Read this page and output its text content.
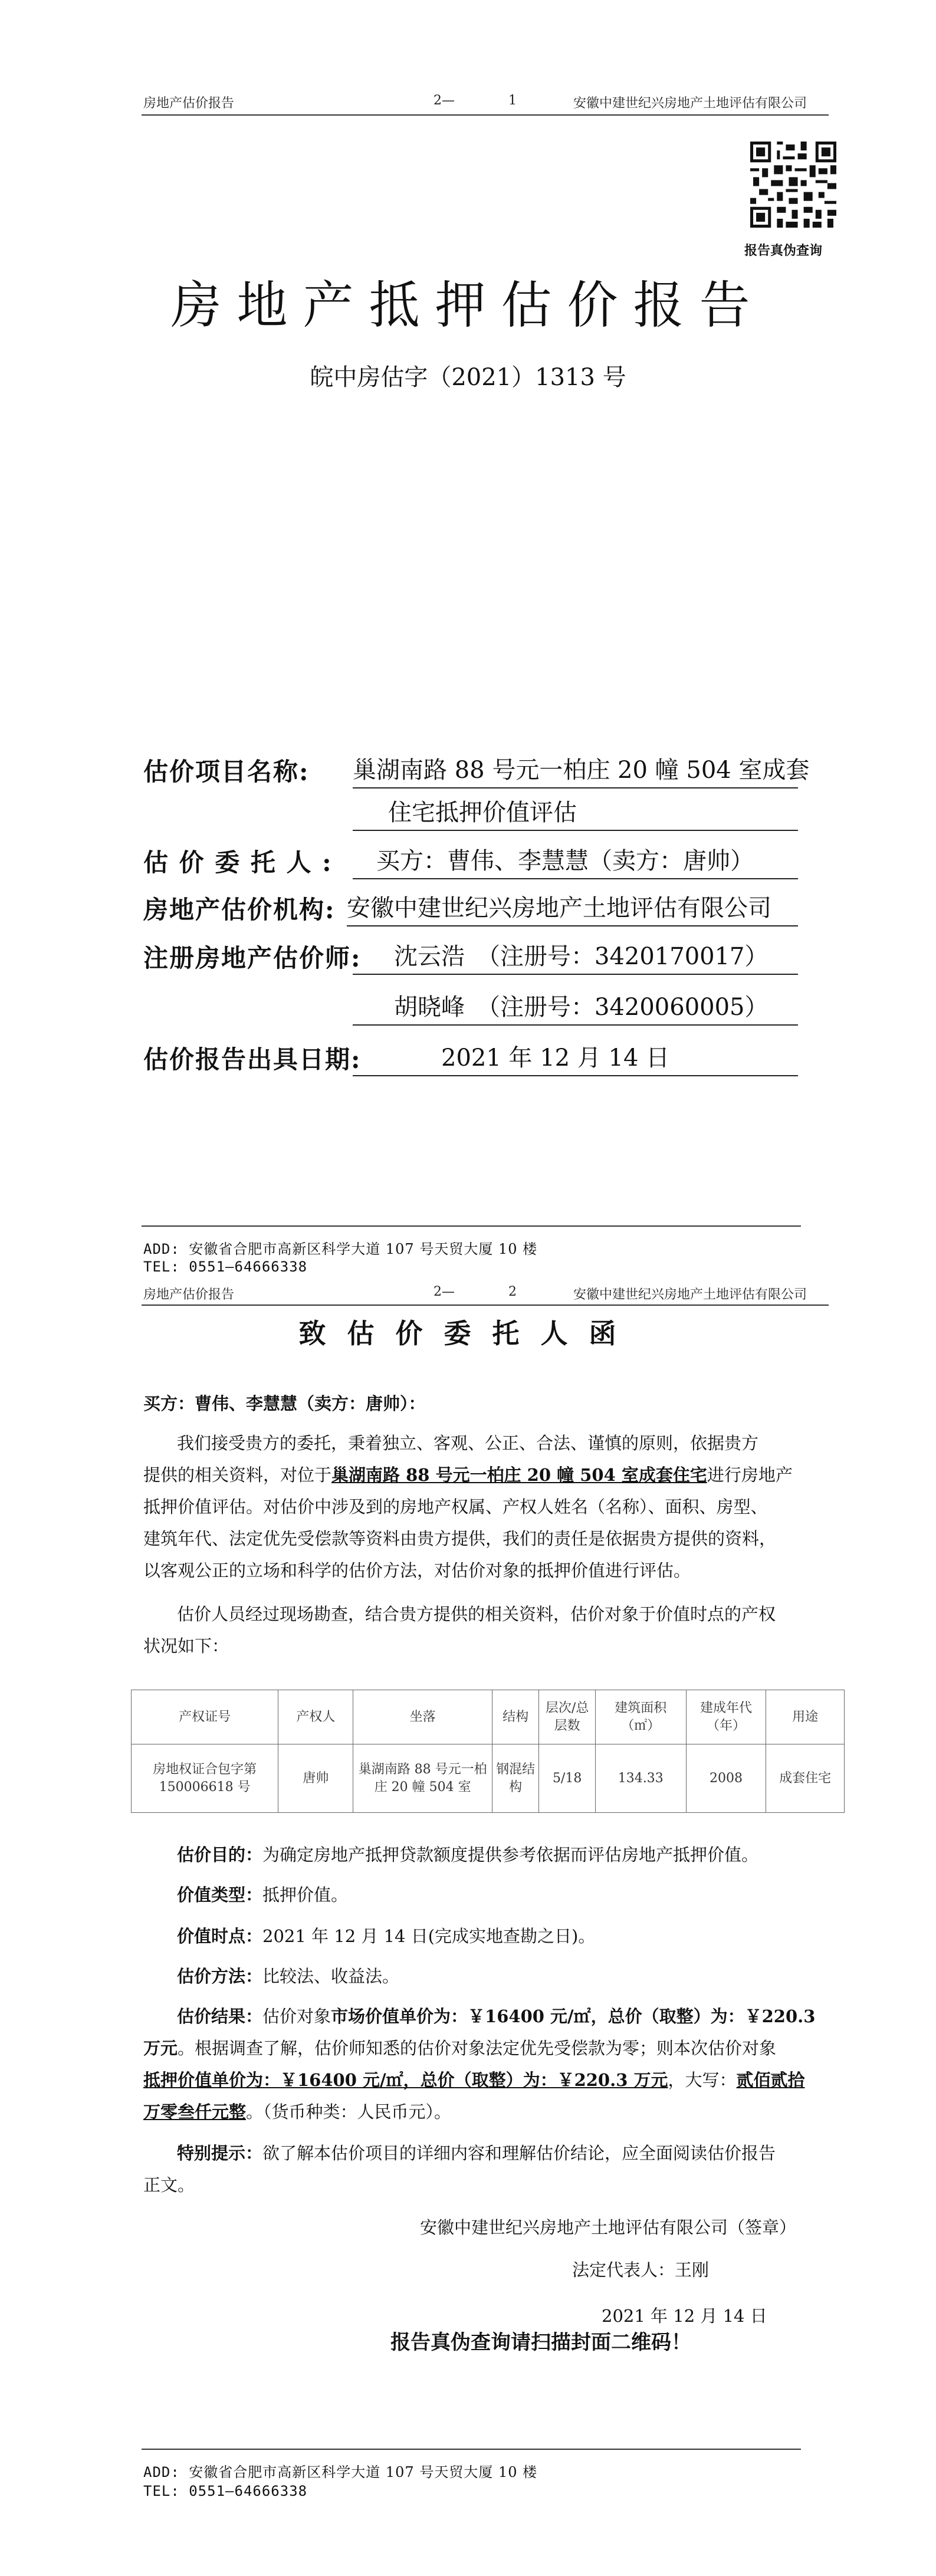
房地产估价报告	2—	1	安徽中建世纪兴房地产土地评估有限公司
报告真伪查询
房地产抵押估价报告
皖中房估字（2021）1313 号
估价项目名称: 巢湖南路 88 号元一柏庄 20 幢 504 室成套
住宅抵押价值评估
估 价 委 托 人 :	买方：曹伟、李慧慧（卖方：唐帅）
房地产估价机构: 安徽中建世纪兴房地产土地评估有限公司
注册房地产估价师:	沈云浩　（注册号：3420170017）
胡晓峰　（注册号：3420060005）
估价报告出具日期:	2021 年 12 月 14 日
ADD: 安徽省合肥市高新区科学大道 107 号天贸大厦 10 楼
TEL: 0551—64666338
房地产估价报告	2—	2	安徽中建世纪兴房地产土地评估有限公司
致估价委托人函
买方：曹伟、李慧慧（卖方：唐帅）：
我们接受贵方的委托，秉着独立、客观、公正、合法、谨慎的原则，依据贵方
提供的相关资料，对位于巢湖南路 88 号元一柏庄 20 幢 504 室成套住宅进行房地产
抵押价值评估。对估价中涉及到的房地产权属、产权人姓名（名称）、面积、房型、
建筑年代、法定优先受偿款等资料由贵方提供，我们的责任是依据贵方提供的资料，
以客观公正的立场和科学的估价方法，对估价对象的抵押价值进行评估。
估价人员经过现场勘查，结合贵方提供的相关资料，估价对象于价值时点的产权
状况如下：
产权证号	产权人	坐落	结构	层次/总层数	建筑面积（㎡）	建成年代（年）	用途
房地权证合包字第150006618 号	唐帅	巢湖南路 88 号元一柏庄 20 幢 504 室	钢混结构	5/18	134.33	2008	成套住宅
估价目的：为确定房地产抵押贷款额度提供参考依据而评估房地产抵押价值。
价值类型：抵押价值。
价值时点：2021 年 12 月 14 日(完成实地查勘之日)。
估价方法：比较法、收益法。
估价结果：估价对象市场价值单价为：￥16400 元/㎡，总价（取整）为：￥220.3
万元。根据调查了解，估价师知悉的估价对象法定优先受偿款为零；则本次估价对象
抵押价值单价为：￥16400 元/㎡，总价（取整）为：￥220.3 万元，大写：贰佰贰拾
万零叁仟元整。（货币种类：人民币元）。
特别提示：欲了解本估价项目的详细内容和理解估价结论，应全面阅读估价报告
正文。
安徽中建世纪兴房地产土地评估有限公司（签章）
法定代表人：王刚
2021 年 12 月 14 日
报告真伪查询请扫描封面二维码！
ADD: 安徽省合肥市高新区科学大道 107 号天贸大厦 10 楼
TEL: 0551—64666338
